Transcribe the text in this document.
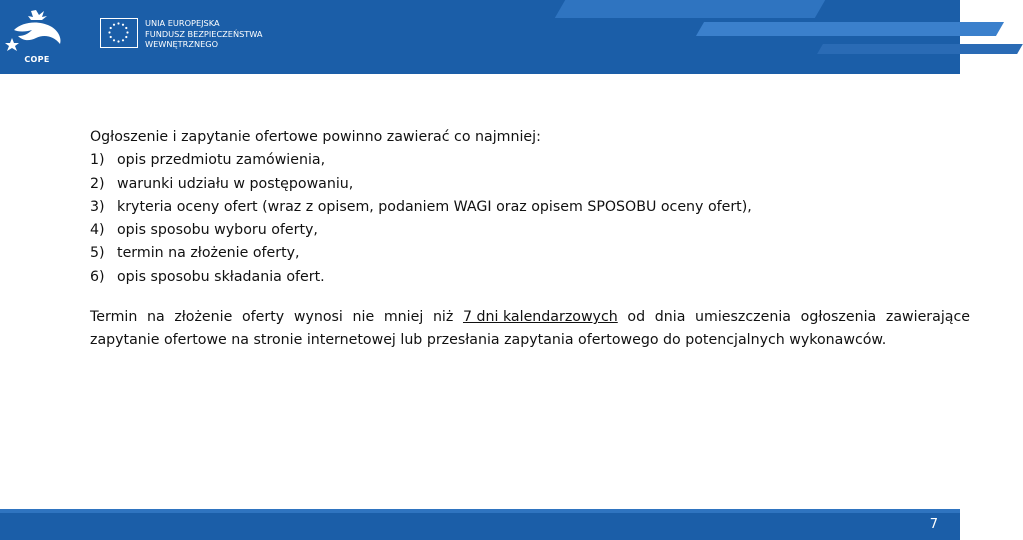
COPE
UNIA EUROPEJSKA
FUNDUSZ BEZPIECZEŃSTWA
WEWNĘTRZNEGO
Ogłoszenie i zapytanie ofertowe powinno zawierać co najmniej:
1) opis przedmiotu zamówienia,
2) warunki udziału w postępowaniu,
3) kryteria oceny ofert (wraz z opisem, podaniem WAGI oraz opisem SPOSOBU oceny ofert),
4) opis sposobu wyboru oferty,
5) termin na złożenie oferty,
6) opis sposobu składania ofert.
Termin na złożenie oferty wynosi nie mniej niż 7 dni kalendarzowych od dnia umieszczenia ogłoszenia zawierające
zapytanie ofertowe na stronie internetowej lub przesłania zapytania ofertowego do potencjalnych wykonawców.
7
